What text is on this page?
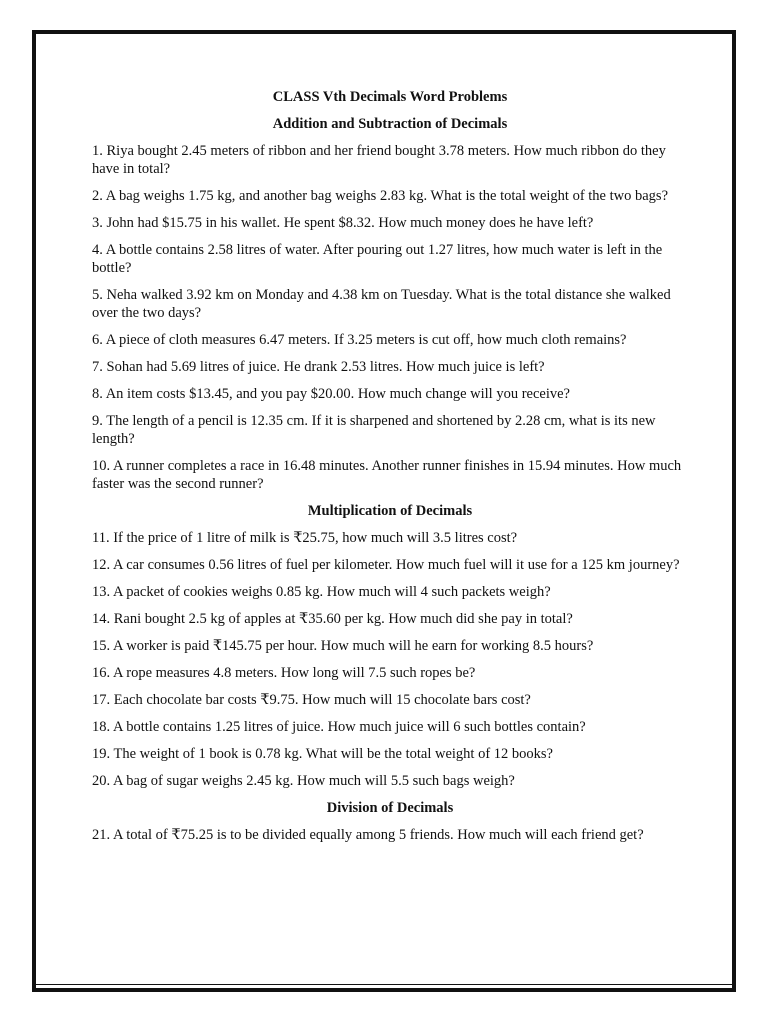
CLASS Vth Decimals Word Problems
Addition and Subtraction of Decimals
1. Riya bought 2.45 meters of ribbon and her friend bought 3.78 meters. How much ribbon do they have in total?
2. A bag weighs 1.75 kg, and another bag weighs 2.83 kg. What is the total weight of the two bags?
3. John had $15.75 in his wallet. He spent $8.32. How much money does he have left?
4. A bottle contains 2.58 litres of water. After pouring out 1.27 litres, how much water is left in the bottle?
5. Neha walked 3.92 km on Monday and 4.38 km on Tuesday. What is the total distance she walked over the two days?
6. A piece of cloth measures 6.47 meters. If 3.25 meters is cut off, how much cloth remains?
7. Sohan had 5.69 litres of juice. He drank 2.53 litres. How much juice is left?
8. An item costs $13.45, and you pay $20.00. How much change will you receive?
9. The length of a pencil is 12.35 cm. If it is sharpened and shortened by 2.28 cm, what is its new length?
10. A runner completes a race in 16.48 minutes. Another runner finishes in 15.94 minutes. How much faster was the second runner?
Multiplication of Decimals
11. If the price of 1 litre of milk is ₹25.75, how much will 3.5 litres cost?
12. A car consumes 0.56 litres of fuel per kilometer. How much fuel will it use for a 125 km journey?
13. A packet of cookies weighs 0.85 kg. How much will 4 such packets weigh?
14. Rani bought 2.5 kg of apples at ₹35.60 per kg. How much did she pay in total?
15. A worker is paid ₹145.75 per hour. How much will he earn for working 8.5 hours?
16. A rope measures 4.8 meters. How long will 7.5 such ropes be?
17. Each chocolate bar costs ₹9.75. How much will 15 chocolate bars cost?
18. A bottle contains 1.25 litres of juice. How much juice will 6 such bottles contain?
19. The weight of 1 book is 0.78 kg. What will be the total weight of 12 books?
20. A bag of sugar weighs 2.45 kg. How much will 5.5 such bags weigh?
Division of Decimals
21. A total of ₹75.25 is to be divided equally among 5 friends. How much will each friend get?
